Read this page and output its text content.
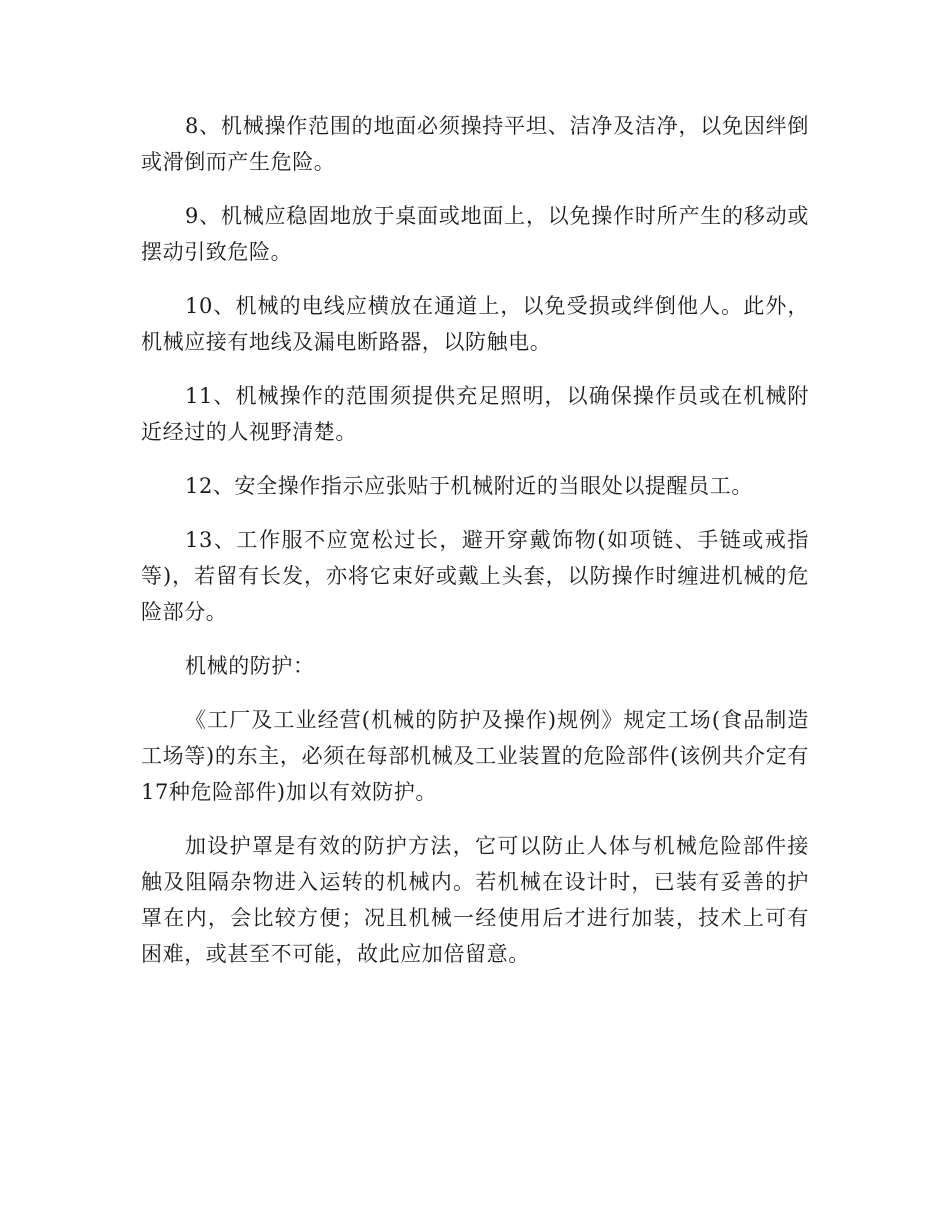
8、机械操作范围的地面必须操持平坦、洁净及洁净，以免因绊倒或滑倒而产生危险。

9、机械应稳固地放于桌面或地面上，以免操作时所产生的移动或摆动引致危险。

10、机械的电线应横放在通道上，以免受损或绊倒他人。此外，机械应接有地线及漏电断路器，以防触电。

11、机械操作的范围须提供充足照明，以确保操作员或在机械附近经过的人视野清楚。

12、安全操作指示应张贴于机械附近的当眼处以提醒员工。

13、工作服不应宽松过长，避开穿戴饰物(如项链、手链或戒指等)，若留有长发，亦将它束好或戴上头套，以防操作时缠进机械的危险部分。

机械的防护：

《工厂及工业经营(机械的防护及操作)规例》规定工场(食品制造工场等)的东主，必须在每部机械及工业装置的危险部件(该例共介定有17种危险部件)加以有效防护。

加设护罩是有效的防护方法，它可以防止人体与机械危险部件接触及阻隔杂物进入运转的机械内。若机械在设计时，已装有妥善的护罩在内，会比较方便；况且机械一经使用后才进行加装，技术上可有困难，或甚至不可能，故此应加倍留意。
